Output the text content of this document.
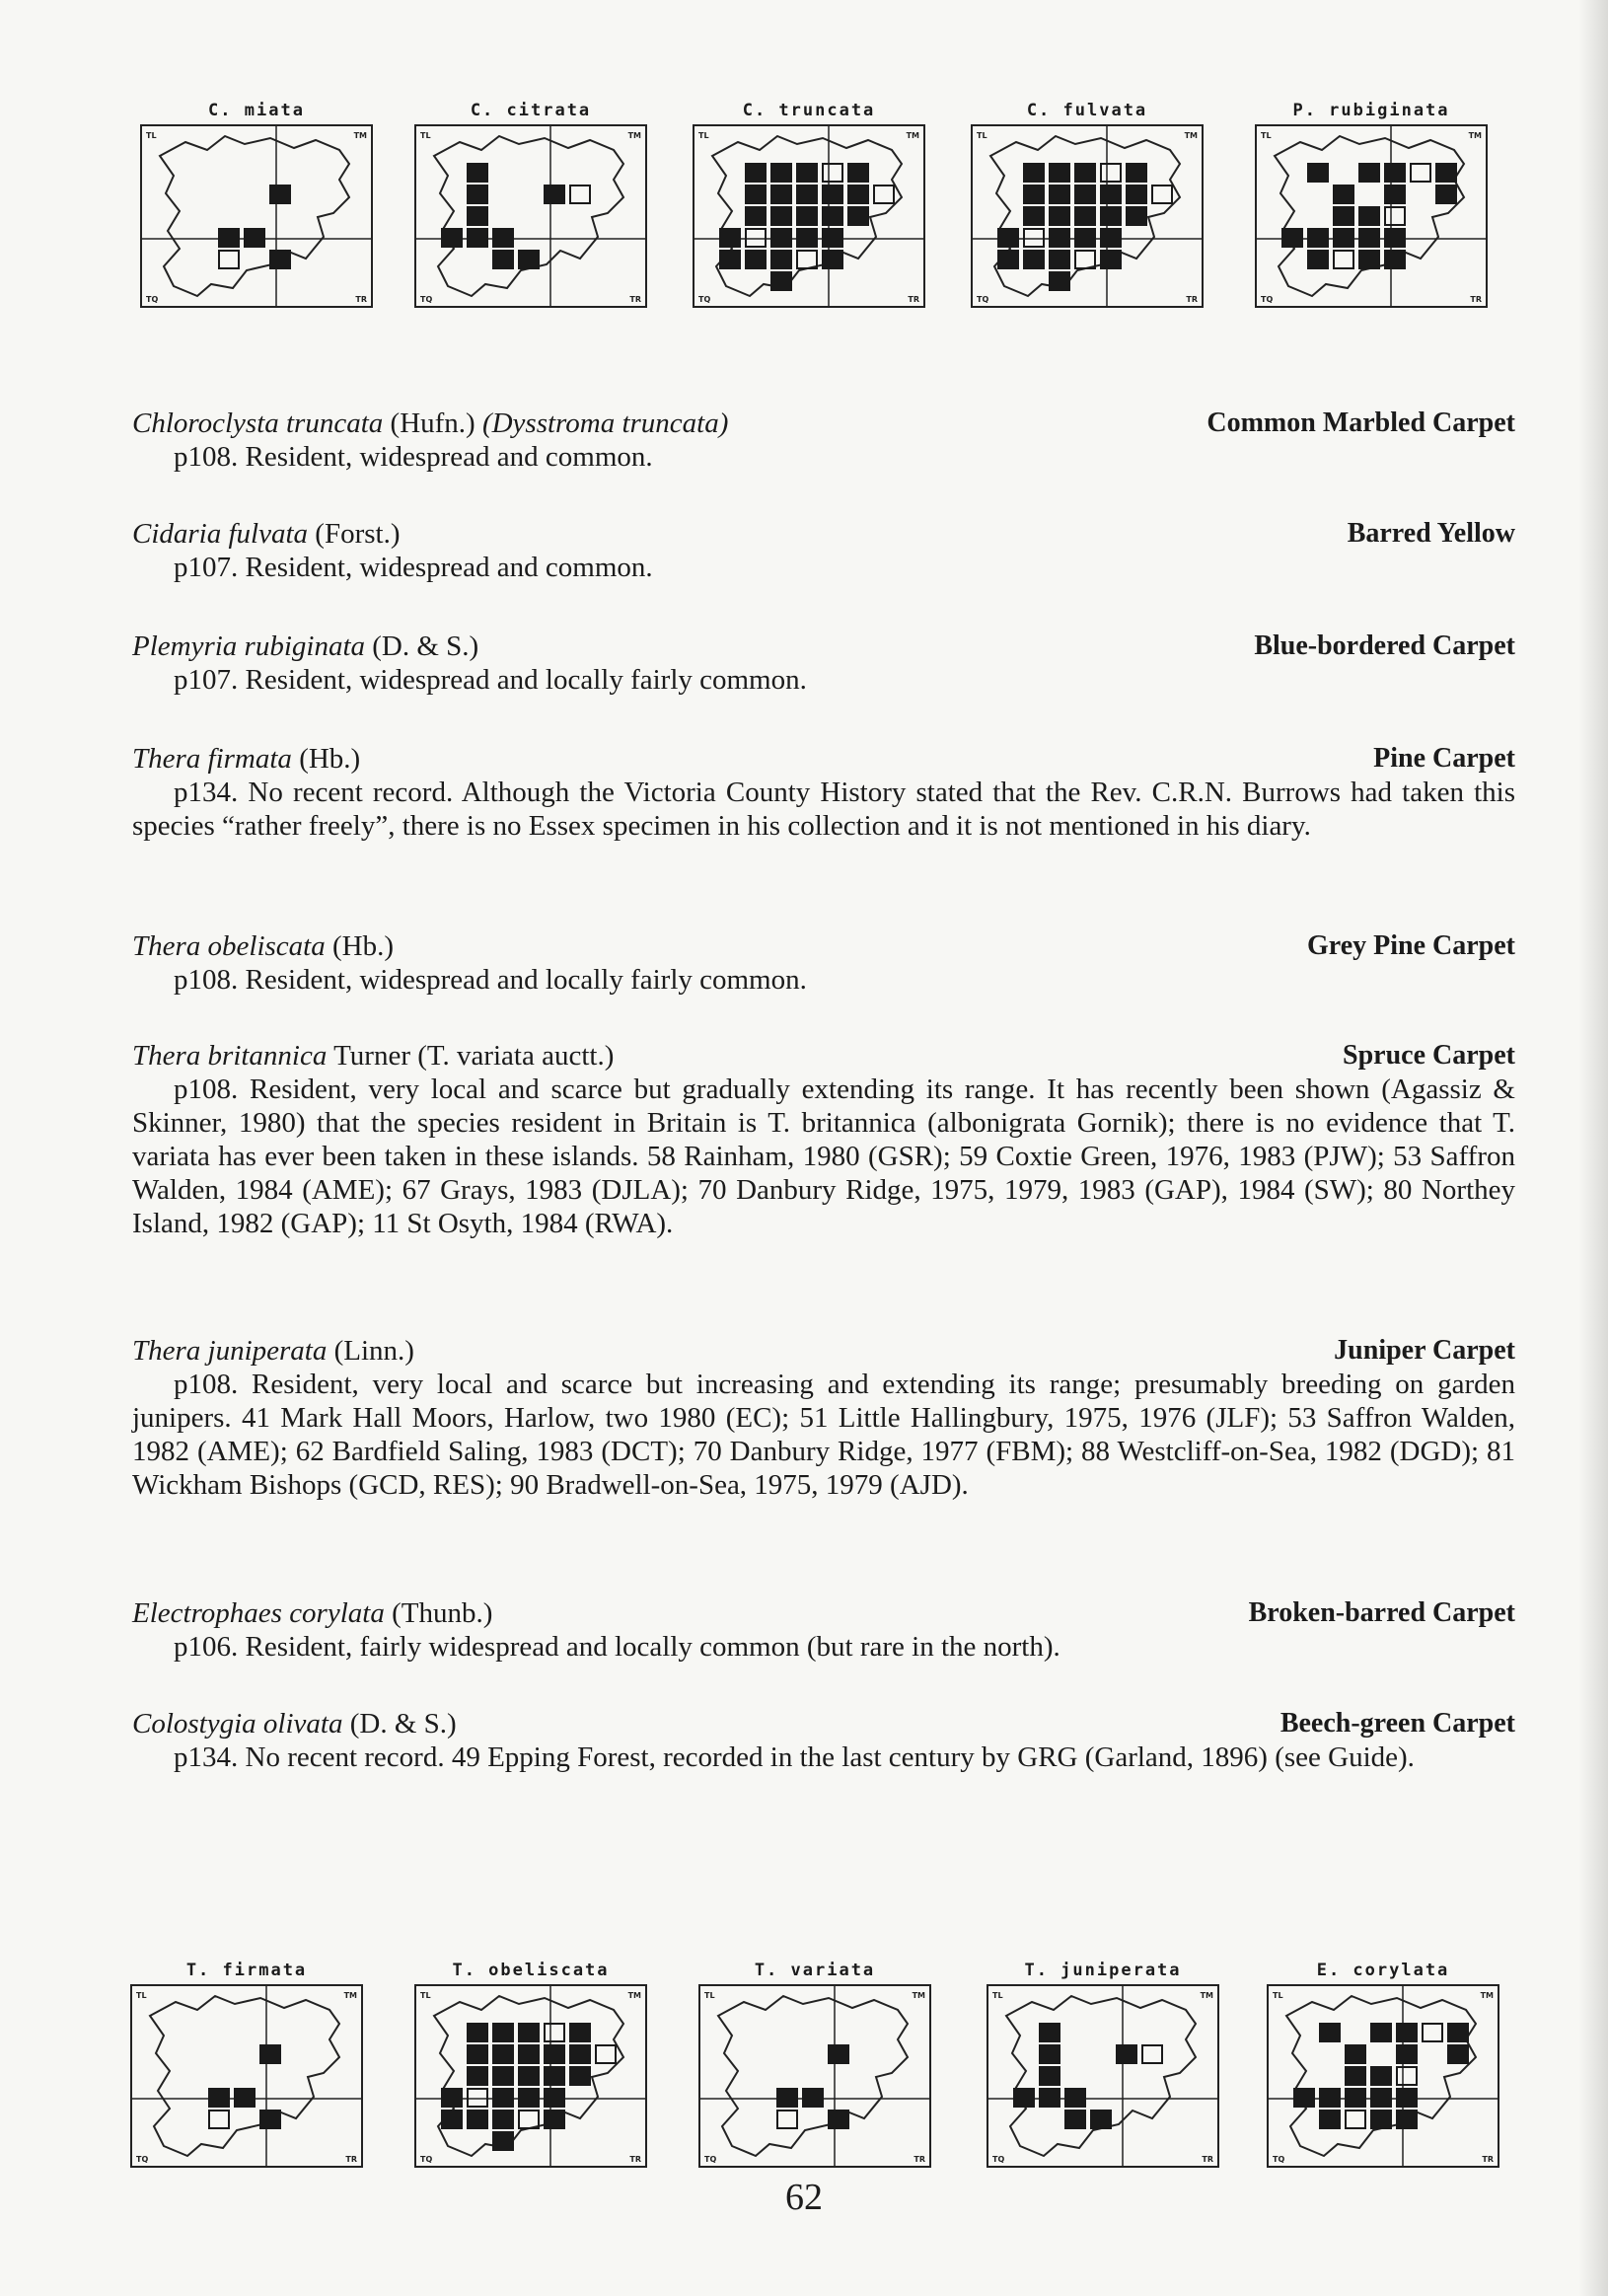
C. miata
TL	TM
TQ	TR
C. citrata
TL	TM
TQ	TR
C. truncata
TL	TM
TQ	TR
C. fulvata
TL	TM
TQ	TR
P. rubiginata
TL	TM
TQ	TR
Chloroclysta truncata (Hufn.) (Dysstroma truncata)	Common Marbled Carpet
p108. Resident, widespread and common.
Cidaria fulvata (Forst.)	Barred Yellow
p107. Resident, widespread and common.
Plemyria rubiginata (D. & S.)	Blue-bordered Carpet
p107. Resident, widespread and locally fairly common.
Thera firmata (Hb.)	Pine Carpet
p134. No recent record. Although the Victoria County History stated that the Rev. C.R.N. Burrows had taken this species “rather freely”, there is no Essex specimen in his collection and it is not mentioned in his diary.
Thera obeliscata (Hb.)	Grey Pine Carpet
p108. Resident, widespread and locally fairly common.
Thera britannica Turner (T. variata auctt.)	Spruce Carpet
p108. Resident, very local and scarce but gradually extending its range. It has recently been shown (Agassiz & Skinner, 1980) that the species resident in Britain is T. britannica (albonigrata Gornik); there is no evidence that T. variata has ever been taken in these islands. 58 Rainham, 1980 (GSR); 59 Coxtie Green, 1976, 1983 (PJW); 53 Saffron Walden, 1984 (AME); 67 Grays, 1983 (DJLA); 70 Danbury Ridge, 1975, 1979, 1983 (GAP), 1984 (SW); 80 Northey Island, 1982 (GAP); 11 St Osyth, 1984 (RWA).
Thera juniperata (Linn.)	Juniper Carpet
p108. Resident, very local and scarce but increasing and extending its range; presumably breeding on garden junipers. 41 Mark Hall Moors, Harlow, two 1980 (EC); 51 Little Hallingbury, 1975, 1976 (JLF); 53 Saffron Walden, 1982 (AME); 62 Bardfield Saling, 1983 (DCT); 70 Danbury Ridge, 1977 (FBM); 88 Westcliff-on-Sea, 1982 (DGD); 81 Wickham Bishops (GCD, RES); 90 Bradwell-on-Sea, 1975, 1979 (AJD).
Electrophaes corylata (Thunb.)	Broken-barred Carpet
p106. Resident, fairly widespread and locally common (but rare in the north).
Colostygia olivata (D. & S.)	Beech-green Carpet
p134. No recent record. 49 Epping Forest, recorded in the last century by GRG (Garland, 1896) (see Guide).
T. firmata
TL	TM
TQ	TR
T. obeliscata
TL	TM
TQ	TR
T. variata
TL	TM
TQ	TR
T. juniperata
TL	TM
TQ	TR
E. corylata
TL	TM
TQ	TR
62
